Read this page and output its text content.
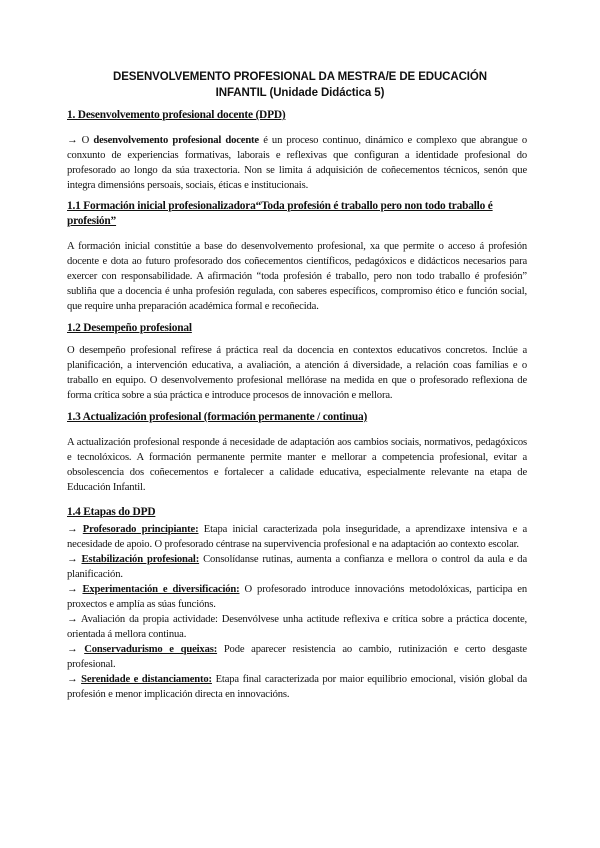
DESENVOLVEMENTO PROFESIONAL DA MESTRA/E DE EDUCACIÓN
INFANTIL (Unidade Didáctica 5)

1. Desenvolvemento profesional docente (DPD)

→ O desenvolvemento profesional docente é un proceso continuo, dinámico e complexo que abrangue o conxunto de experiencias formativas, laborais e reflexivas que configuran a identidade profesional do profesorado ao longo da súa traxectoria. Non se limita á adquisición de coñecementos técnicos, senón que integra dimensións persoais, sociais, éticas e institucionais.

1.1 Formación inicial profesionalizadora“Toda profesión é traballo pero non todo traballo é profesión”

A formación inicial constitúe a base do desenvolvemento profesional, xa que permite o acceso á profesión docente e dota ao futuro profesorado dos coñecementos científicos, pedagóxicos e didácticos necesarios para exercer con responsabilidade. A afirmación “toda profesión é traballo, pero non todo traballo é profesión” subliña que a docencia é unha profesión regulada, con saberes específicos, compromiso ético e función social, que require unha preparación académica formal e recoñecida.

1.2 Desempeño profesional

O desempeño profesional refírese á práctica real da docencia en contextos educativos concretos. Inclúe a planificación, a intervención educativa, a avaliación, a atención á diversidade, a relación coas familias e o traballo en equipo. O desenvolvemento profesional mellórase na medida en que o profesorado reflexiona de forma crítica sobre a súa práctica e introduce procesos de innovación e mellora.

1.3 Actualización profesional (formación permanente / continua)

A actualización profesional responde á necesidade de adaptación aos cambios sociais, normativos, pedagóxicos e tecnolóxicos. A formación permanente permite manter e mellorar a competencia profesional, evitar a obsolescencia dos coñecementos e fortalecer a calidade educativa, especialmente relevante na etapa de Educación Infantil.

1.4 Etapas do DPD

→ Profesorado principiante: Etapa inicial caracterizada pola inseguridade, a aprendizaxe intensiva e a necesidade de apoio. O profesorado céntrase na supervivencia profesional e na adaptación ao contexto escolar.

→ Estabilización profesional: Consolídanse rutinas, aumenta a confianza e mellora o control da aula e da planificación.

→ Experimentación e diversificación: O profesorado introduce innovacións metodolóxicas, participa en proxectos e amplía as súas funcións.

→ Avaliación da propia actividade: Desenvólvese unha actitude reflexiva e crítica sobre a práctica docente, orientada á mellora continua.

→ Conservadurismo e queixas: Pode aparecer resistencia ao cambio, rutinización e certo desgaste profesional.

→ Serenidade e distanciamento: Etapa final caracterizada por maior equilibrio emocional, visión global da profesión e menor implicación directa en innovacións.
